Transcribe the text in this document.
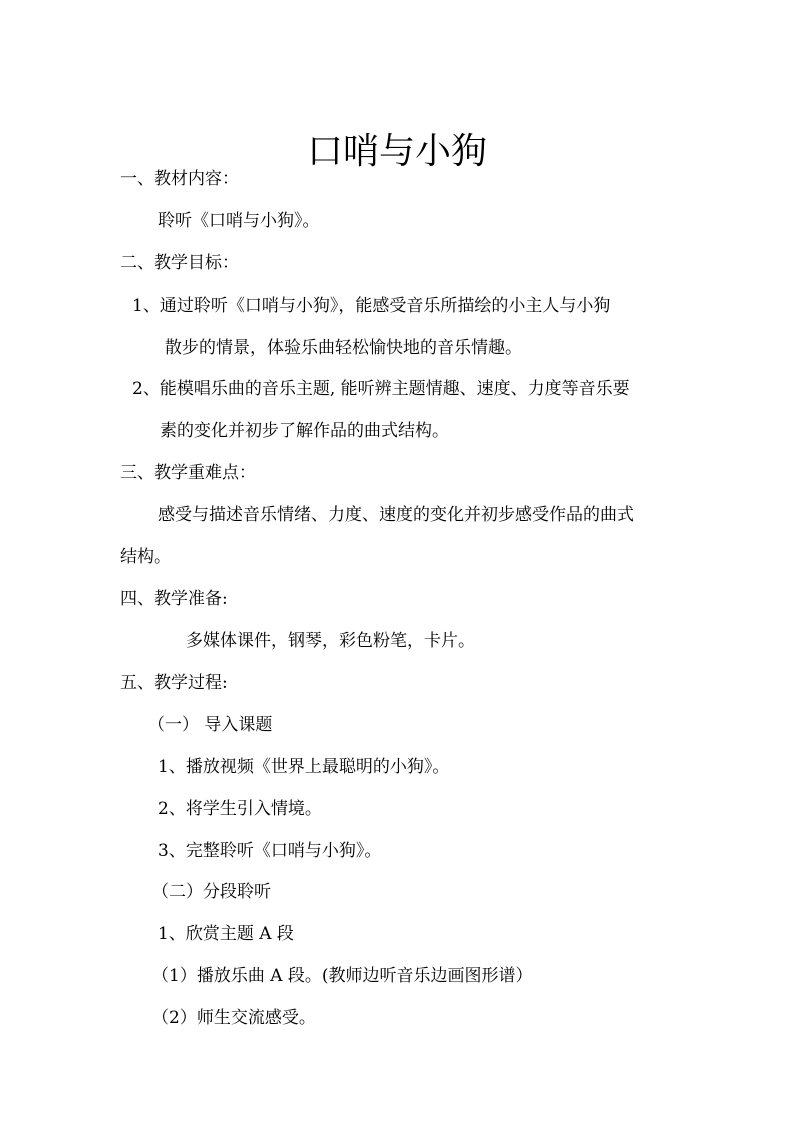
口哨与小狗
一、教材内容：
聆听《口哨与小狗》。
二、教学目标：
1、通过聆听《口哨与小狗》，能感受音乐所描绘的小主人与小狗
散步的情景，体验乐曲轻松愉快地的音乐情趣。
2、能模唱乐曲的音乐主题, 能听辨主题情趣、速度、力度等音乐要
素的变化并初步了解作品的曲式结构。
三、教学重难点：
感受与描述音乐情绪、力度、速度的变化并初步感受作品的曲式
结构。
四、教学准备:
多媒体课件，钢琴，彩色粉笔，卡片。
五、教学过程:
（一） 导入课题
1、播放视频《世界上最聪明的小狗》。
2、将学生引入情境。
3、完整聆听《口哨与小狗》。
（二）分段聆听
1、欣赏主题 A 段
（1）播放乐曲 A 段。(教师边听音乐边画图形谱）
（2）师生交流感受。
